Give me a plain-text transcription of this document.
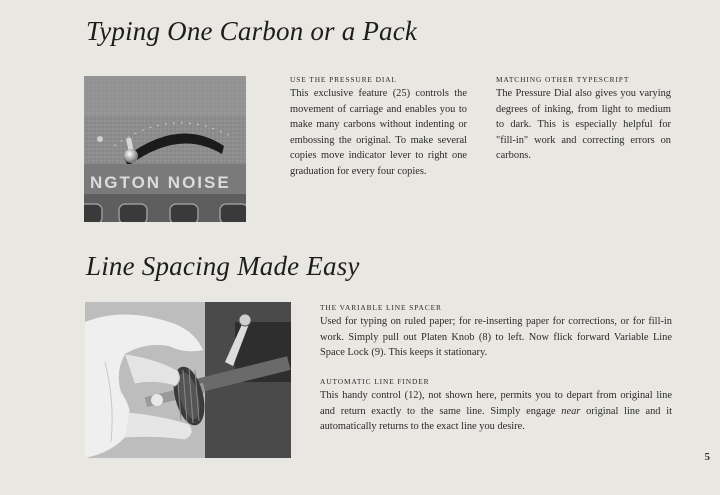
Typing One Carbon or a Pack
NGTON NOISE

USE THE PRESSURE DIAL

This exclusive feature (25) controls the movement of carriage and enables you to make many carbons without indenting or embossing the original. To make several copies move indicator lever to right one graduation for every four copies.

MATCHING OTHER TYPESCRIPT

The Pressure Dial also gives you varying degrees of inking, from light to medium to dark. This is especially helpful for "fill-in" work and correcting errors on carbons.

Line Spacing Made Easy

THE VARIABLE LINE SPACER

Used for typing on ruled paper; for re-inserting paper for corrections, or for fill-in work. Simply pull out Platen Knob (8) to left. Now flick forward Variable Line Space Lock (9). This keeps it stationary.

AUTOMATIC LINE FINDER

This handy control (12), not shown here, permits you to depart from original line and return exactly to the same line. Simply engage near original line and it automatically returns to the exact line you desire.

5
